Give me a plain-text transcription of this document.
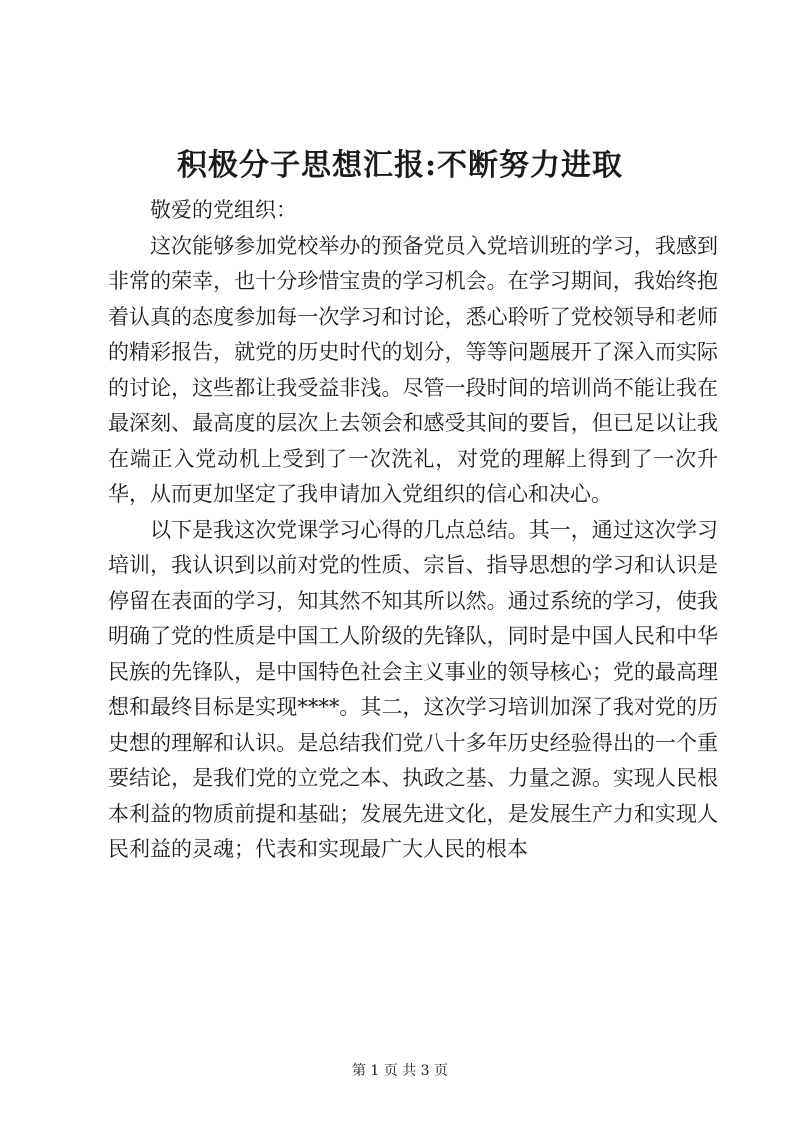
积极分子思想汇报:不断努力进取

敬爱的党组织：

这次能够参加党校举办的预备党员入党培训班的学习，我感到非常的荣幸，也十分珍惜宝贵的学习机会。在学习期间，我始终抱着认真的态度参加每一次学习和讨论，悉心聆听了党校领导和老师的精彩报告，就党的历史时代的划分，等等问题展开了深入而实际的讨论，这些都让我受益非浅。尽管一段时间的培训尚不能让我在最深刻、最高度的层次上去领会和感受其间的要旨，但已足以让我在端正入党动机上受到了一次洗礼，对党的理解上得到了一次升华，从而更加坚定了我申请加入党组织的信心和决心。

以下是我这次党课学习心得的几点总结。其一，通过这次学习培训，我认识到以前对党的性质、宗旨、指导思想的学习和认识是停留在表面的学习，知其然不知其所以然。通过系统的学习，使我明确了党的性质是中国工人阶级的先锋队，同时是中国人民和中华民族的先锋队，是中国特色社会主义事业的领导核心；党的最高理想和最终目标是实现****。其二，这次学习培训加深了我对党的历史想的理解和认识。是总结我们党八十多年历史经验得出的一个重要结论，是我们党的立党之本、执政之基、力量之源。实现人民根本利益的物质前提和基础；发展先进文化，是发展生产力和实现人民利益的灵魂；代表和实现最广大人民的根本

第 1 页 共 3 页
